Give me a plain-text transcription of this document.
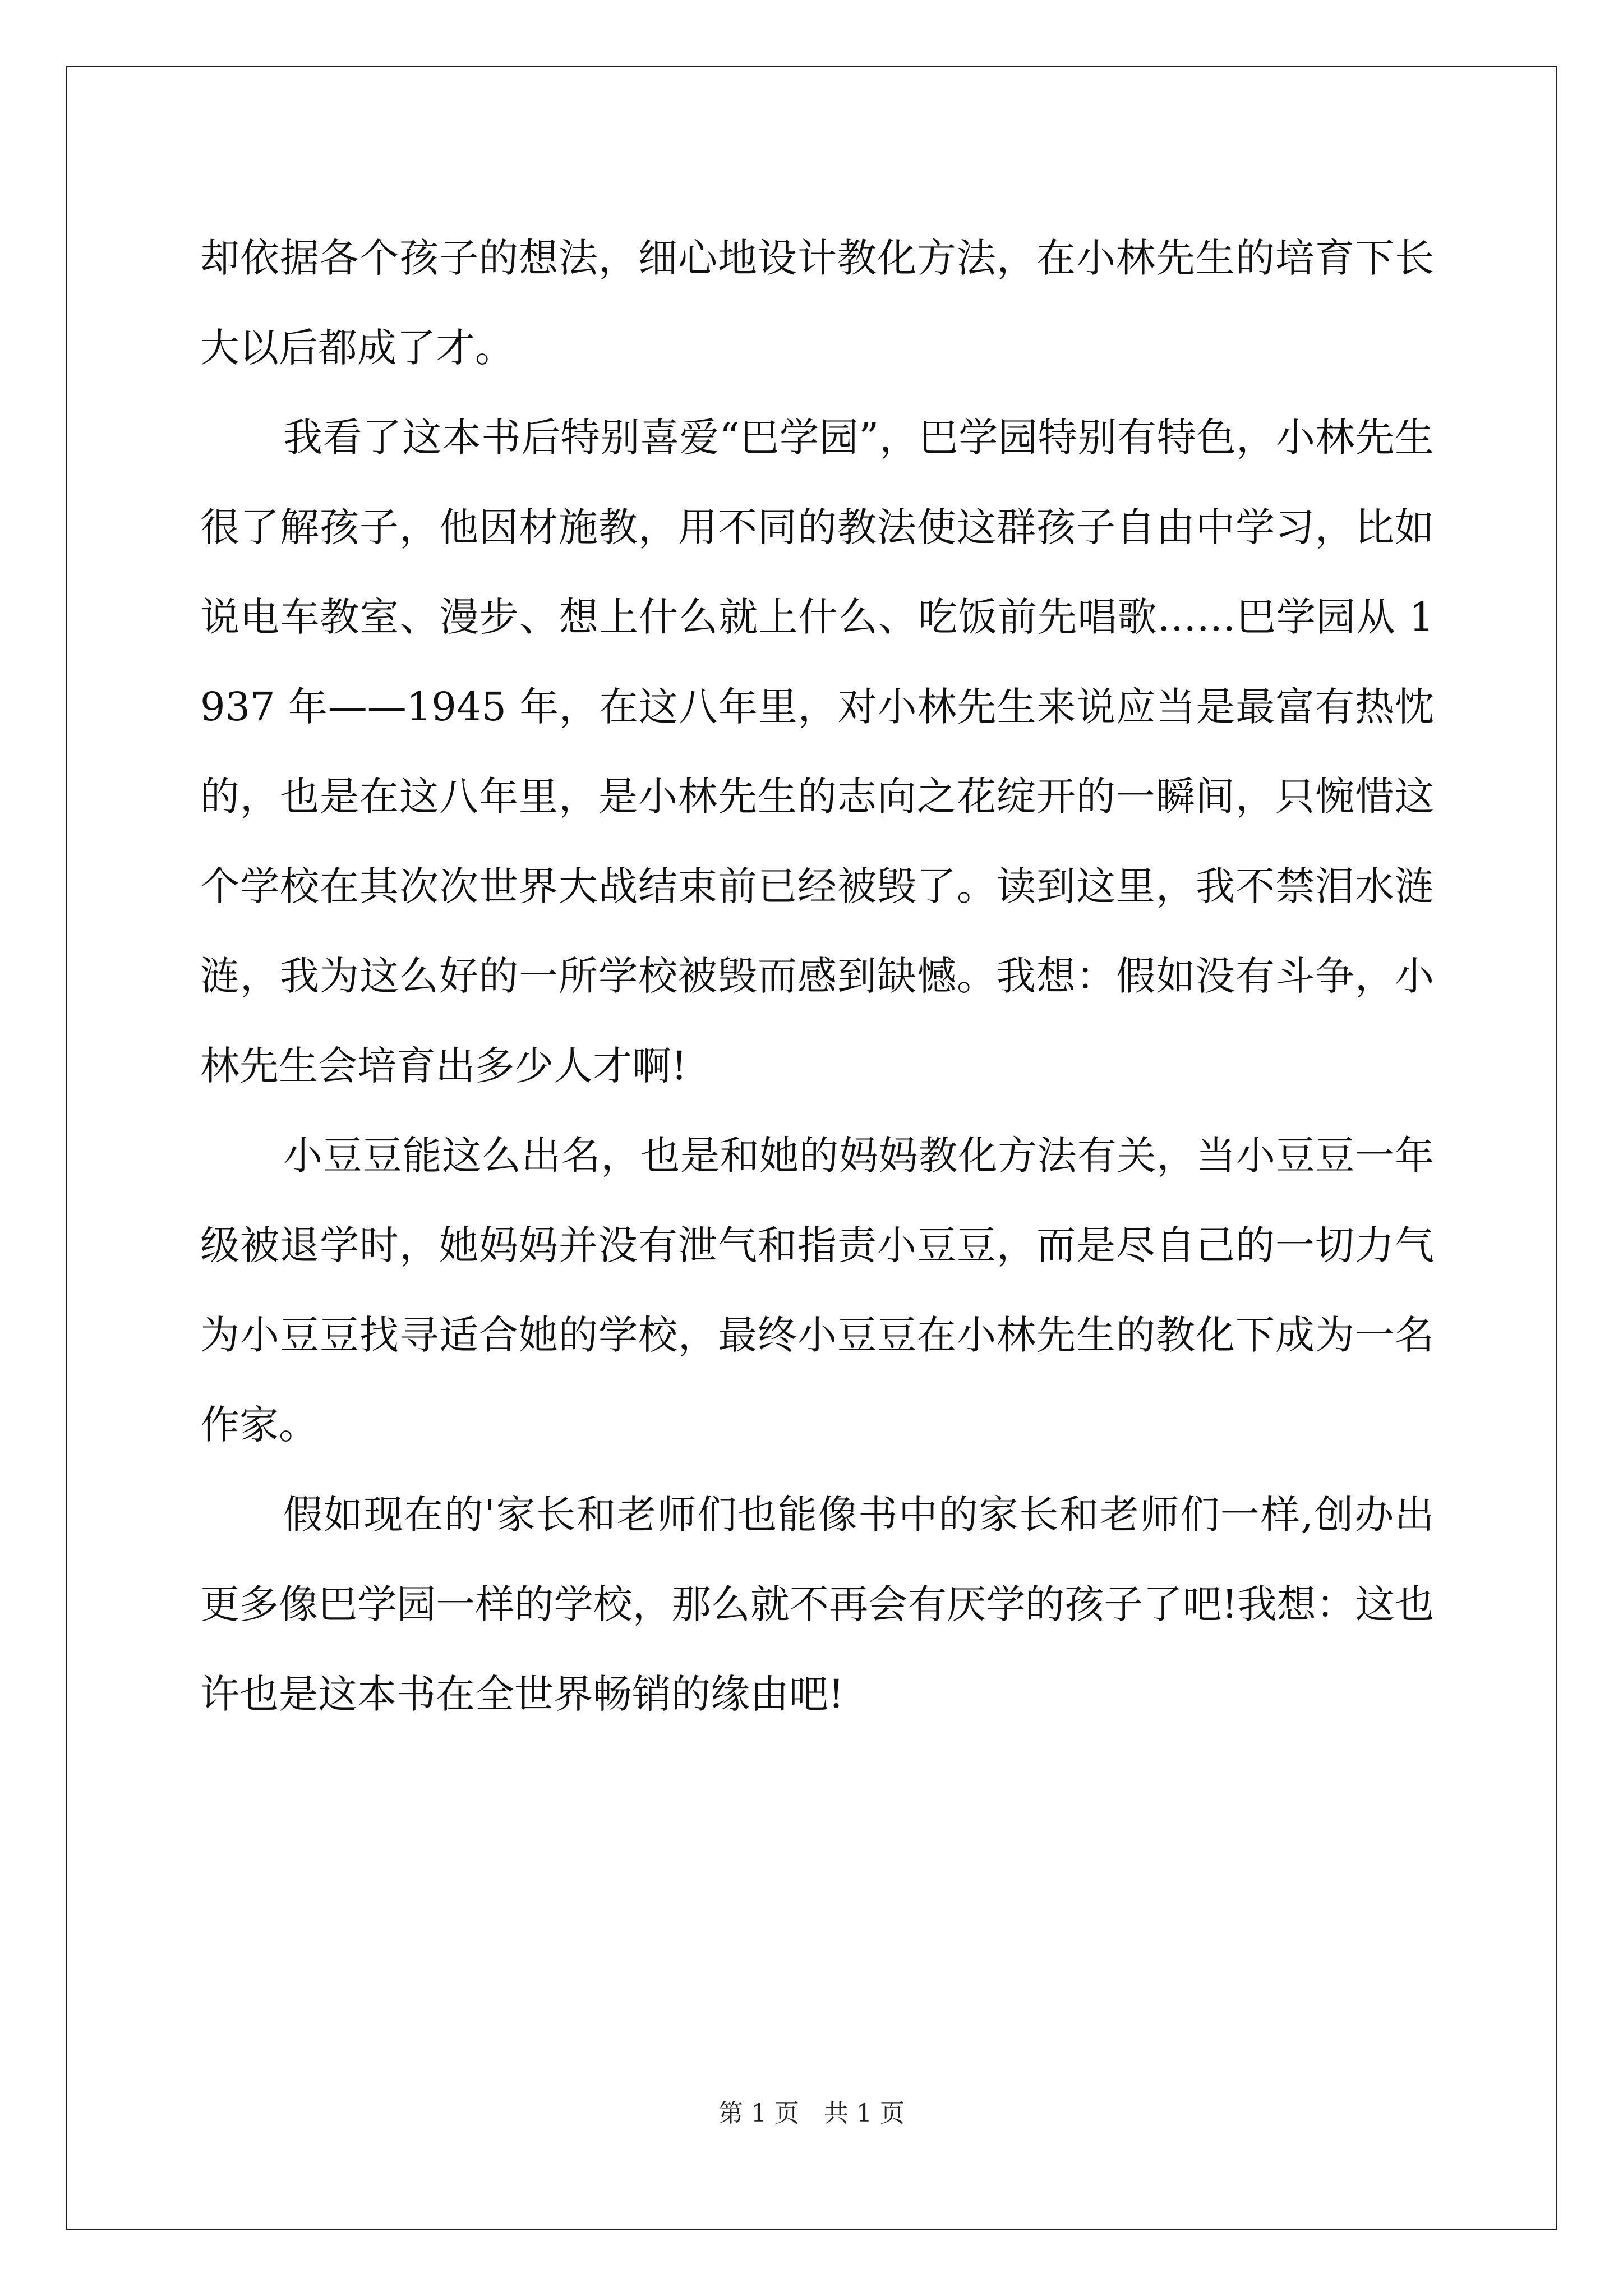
却依据各个孩子的想法，细心地设计教化方法，在小林先生的培育下长大以后都成了才。

我看了这本书后特别喜爱“巴学园”，巴学园特别有特色，小林先生很了解孩子，他因材施教，用不同的教法使这群孩子自由中学习，比如说电车教室、漫步、想上什么就上什么、吃饭前先唱歌……巴学园从 1937 年——1945 年，在这八年里，对小林先生来说应当是最富有热忱的，也是在这八年里，是小林先生的志向之花绽开的一瞬间，只惋惜这个学校在其次次世界大战结束前已经被毁了。读到这里，我不禁泪水涟涟，我为这么好的一所学校被毁而感到缺憾。我想：假如没有斗争，小林先生会培育出多少人才啊!

小豆豆能这么出名，也是和她的妈妈教化方法有关，当小豆豆一年级被退学时，她妈妈并没有泄气和指责小豆豆，而是尽自己的一切力气为小豆豆找寻适合她的学校，最终小豆豆在小林先生的教化下成为一名作家。

假如现在的'家长和老师们也能像书中的家长和老师们一样,创办出更多像巴学园一样的学校，那么就不再会有厌学的孩子了吧!我想：这也许也是这本书在全世界畅销的缘由吧!

第 1 页 共 1 页
